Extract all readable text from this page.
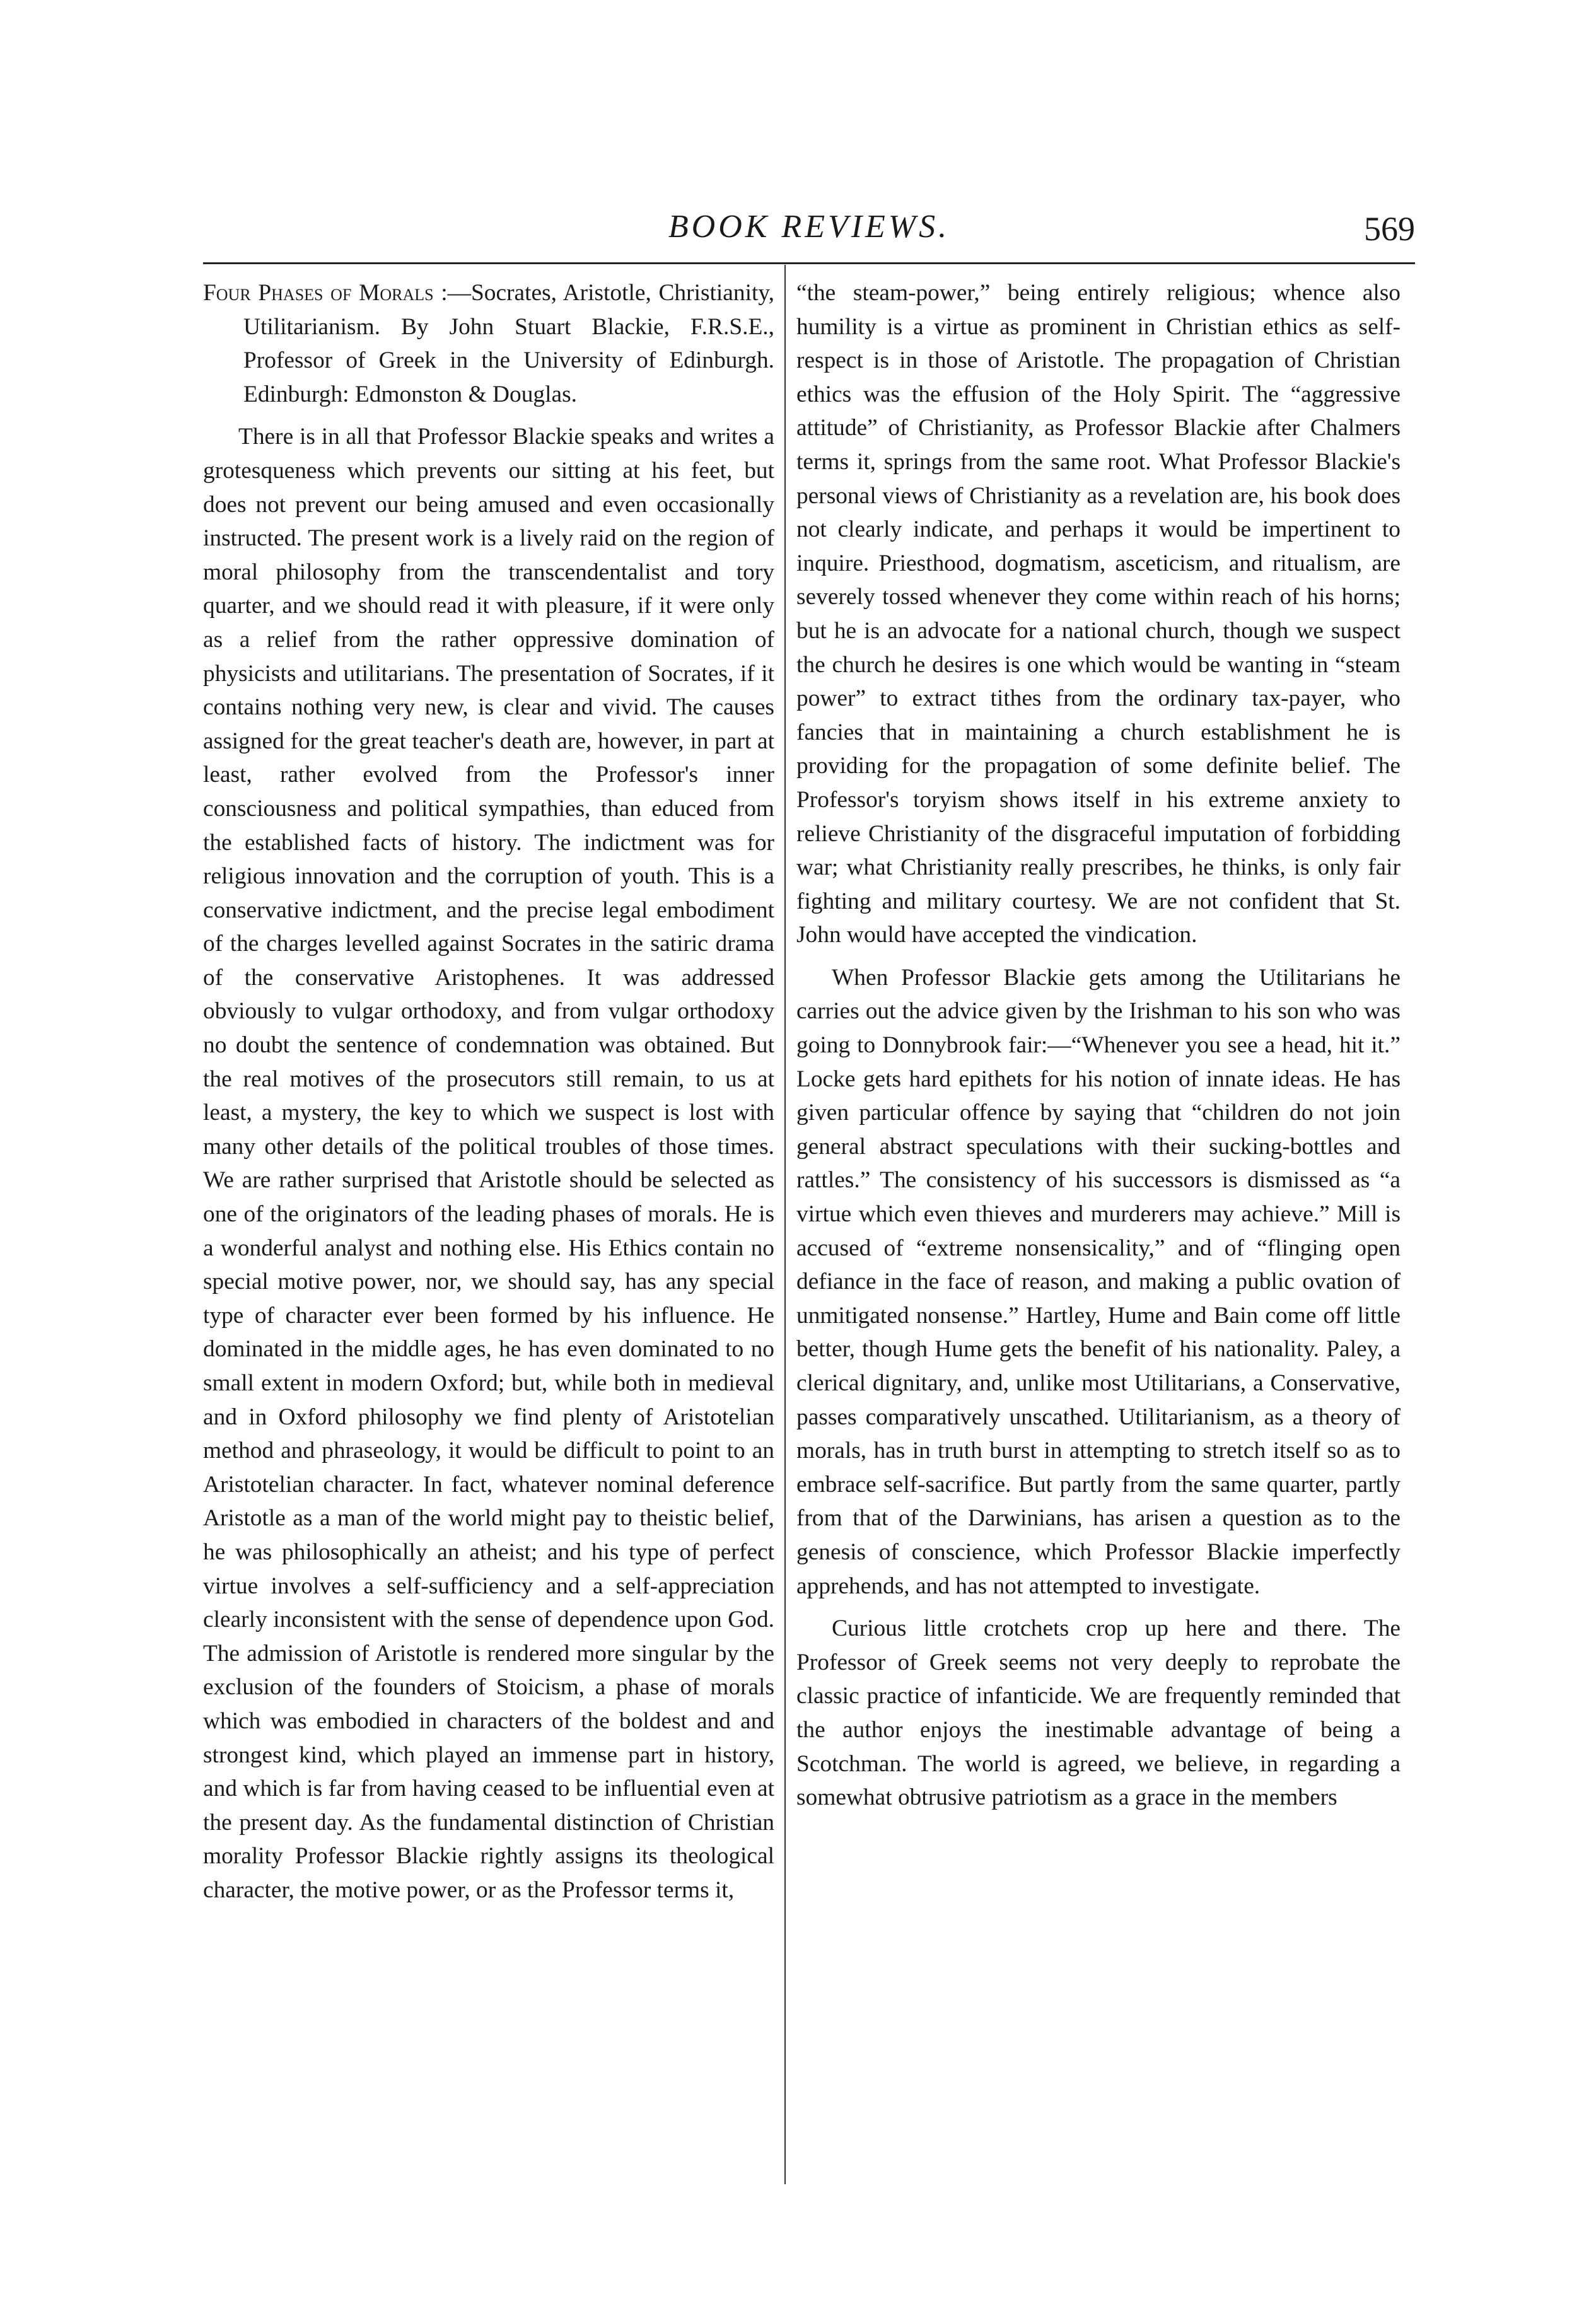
BOOK REVIEWS.	569

Four Phases of Morals :—Socrates, Aristotle, Christianity, Utilitarianism. By John Stuart Blackie, F.R.S.E., Professor of Greek in the University of Edinburgh. Edinburgh: Edmonston & Douglas.

There is in all that Professor Blackie speaks and writes a grotesqueness which prevents our sitting at his feet, but does not prevent our being amused and even occasionally instructed. The present work is a lively raid on the region of moral philosophy from the transcendentalist and tory quarter, and we should read it with pleasure, if it were only as a relief from the rather oppressive domination of physicists and utilitarians. The presentation of Socrates, if it contains nothing very new, is clear and vivid. The causes assigned for the great teacher's death are, however, in part at least, rather evolved from the Professor's inner consciousness and political sympathies, than educed from the established facts of history. The indictment was for religious innovation and the corruption of youth. This is a conservative indictment, and the precise legal embodiment of the charges levelled against Socrates in the satiric drama of the conservative Aristophenes. It was addressed obviously to vulgar orthodoxy, and from vulgar orthodoxy no doubt the sentence of condemnation was obtained. But the real motives of the prosecutors still remain, to us at least, a mystery, the key to which we suspect is lost with many other details of the political troubles of those times. We are rather surprised that Aristotle should be selected as one of the originators of the leading phases of morals. He is a wonderful analyst and nothing else. His Ethics contain no special motive power, nor, we should say, has any special type of character ever been formed by his influence. He dominated in the middle ages, he has even dominated to no small extent in modern Oxford; but, while both in medieval and in Oxford philosophy we find plenty of Aristotelian method and phraseology, it would be difficult to point to an Aristotelian character. In fact, whatever nominal deference Aristotle as a man of the world might pay to theistic belief, he was philosophically an atheist; and his type of perfect virtue involves a self-sufficiency and a self-appreciation clearly inconsistent with the sense of dependence upon God. The admission of Aristotle is rendered more singular by the exclusion of the founders of Stoicism, a phase of morals which was embodied in characters of the boldest and and strongest kind, which played an immense part in history, and which is far from having ceased to be influential even at the present day. As the fundamental distinction of Christian morality Professor Blackie rightly assigns its theological character, the motive power, or as the Professor terms it,

“the steam-power,” being entirely religious; whence also humility is a virtue as prominent in Christian ethics as self-respect is in those of Aristotle. The propagation of Christian ethics was the effusion of the Holy Spirit. The “aggressive attitude” of Christianity, as Professor Blackie after Chalmers terms it, springs from the same root. What Professor Blackie's personal views of Christianity as a revelation are, his book does not clearly indicate, and perhaps it would be impertinent to inquire. Priesthood, dogmatism, asceticism, and ritualism, are severely tossed whenever they come within reach of his horns; but he is an advocate for a national church, though we suspect the church he desires is one which would be wanting in “steam power” to extract tithes from the ordinary tax-payer, who fancies that in maintaining a church establishment he is providing for the propagation of some definite belief. The Professor's toryism shows itself in his extreme anxiety to relieve Christianity of the disgraceful imputation of forbidding war; what Christianity really prescribes, he thinks, is only fair fighting and military courtesy. We are not confident that St. John would have accepted the vindication.

When Professor Blackie gets among the Utilitarians he carries out the advice given by the Irishman to his son who was going to Donnybrook fair:—“Whenever you see a head, hit it.” Locke gets hard epithets for his notion of innate ideas. He has given particular offence by saying that “children do not join general abstract speculations with their sucking-bottles and rattles.” The consistency of his successors is dismissed as “a virtue which even thieves and murderers may achieve.” Mill is accused of “extreme nonsensicality,” and of “flinging open defiance in the face of reason, and making a public ovation of unmitigated nonsense.” Hartley, Hume and Bain come off little better, though Hume gets the benefit of his nationality. Paley, a clerical dignitary, and, unlike most Utilitarians, a Conservative, passes comparatively unscathed. Utilitarianism, as a theory of morals, has in truth burst in attempting to stretch itself so as to embrace self-sacrifice. But partly from the same quarter, partly from that of the Darwinians, has arisen a question as to the genesis of conscience, which Professor Blackie imperfectly apprehends, and has not attempted to investigate.

Curious little crotchets crop up here and there. The Professor of Greek seems not very deeply to reprobate the classic practice of infanticide. We are frequently reminded that the author enjoys the inestimable advantage of being a Scotchman. The world is agreed, we believe, in regarding a somewhat obtrusive patriotism as a grace in the members
